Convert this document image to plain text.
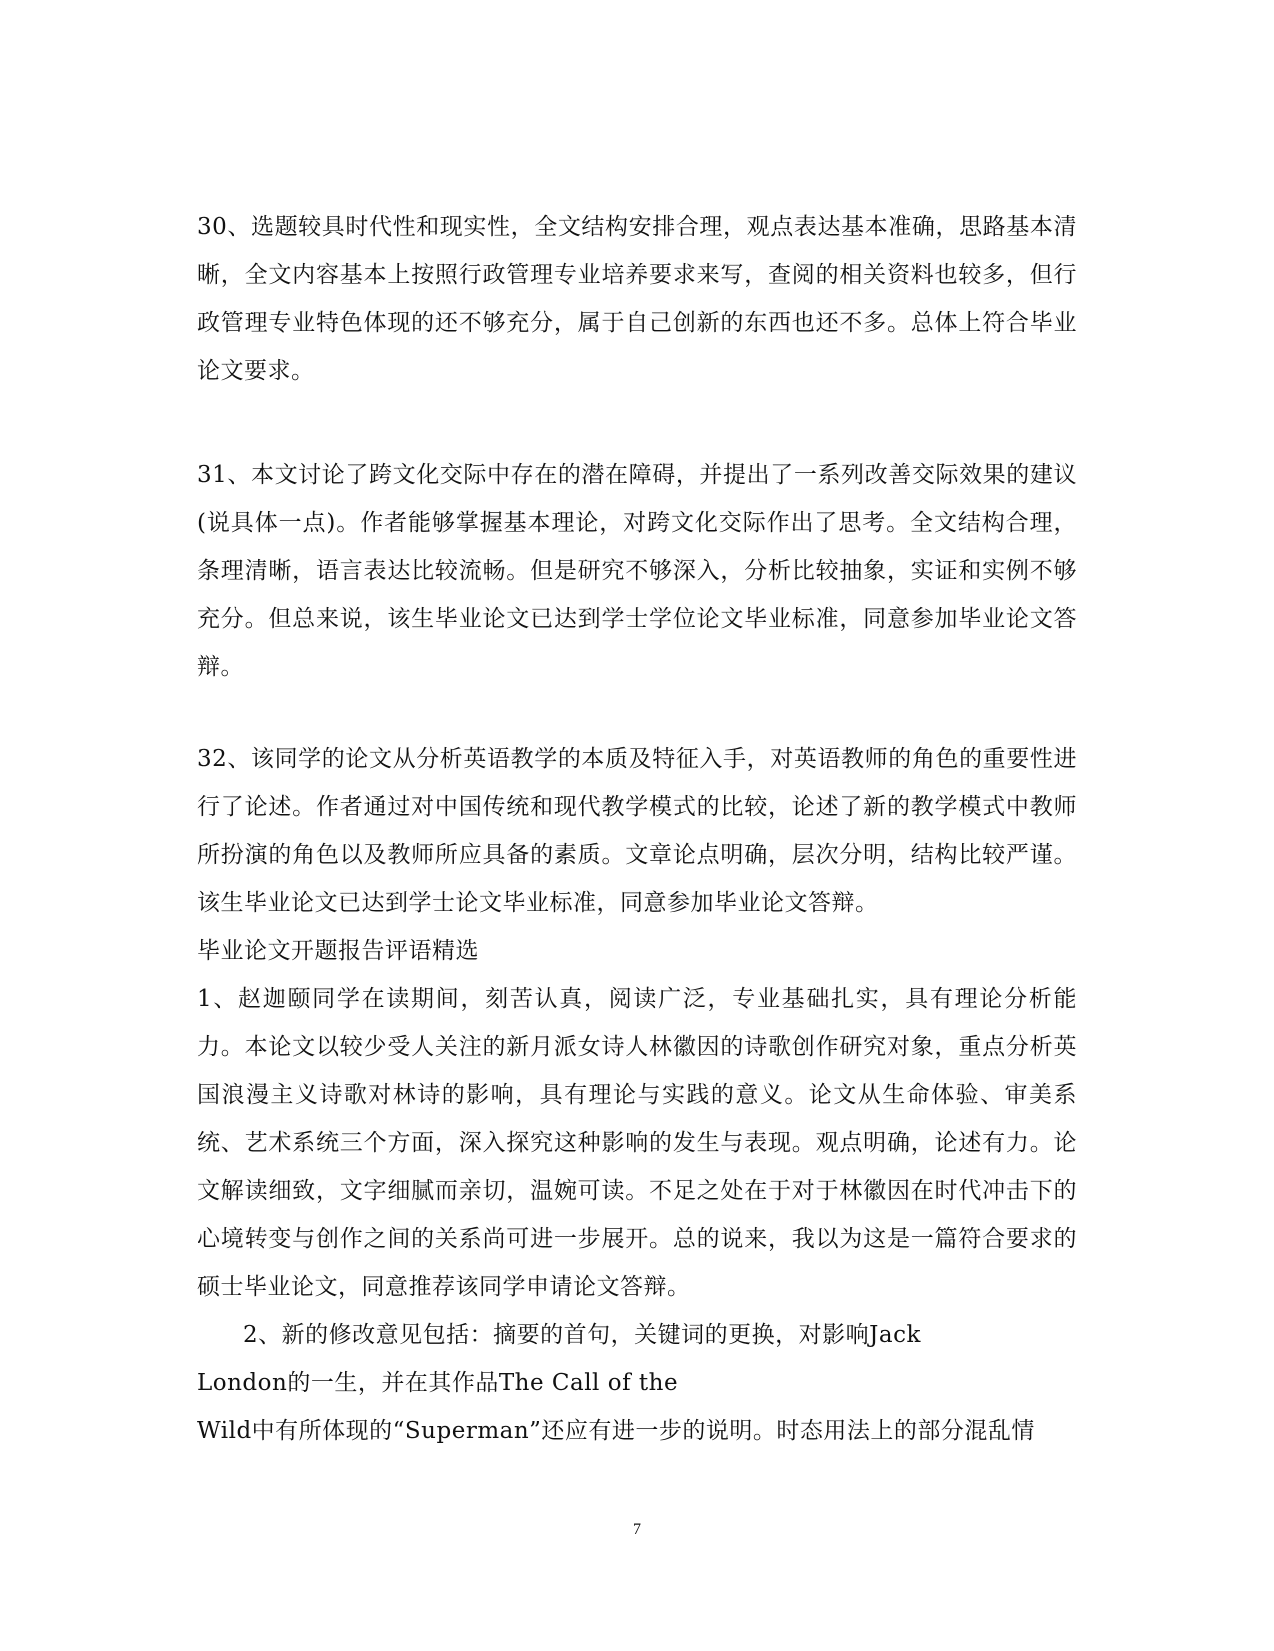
30、选题较具时代性和现实性，全文结构安排合理，观点表达基本准确，思路基本清晰，全文内容基本上按照行政管理专业培养要求来写，查阅的相关资料也较多，但行政管理专业特色体现的还不够充分，属于自己创新的东西也还不多。总体上符合毕业论文要求。

31、本文讨论了跨文化交际中存在的潜在障碍，并提出了一系列改善交际效果的建议(说具体一点)。作者能够掌握基本理论，对跨文化交际作出了思考。全文结构合理，条理清晰，语言表达比较流畅。但是研究不够深入，分析比较抽象，实证和实例不够充分。但总来说，该生毕业论文已达到学士学位论文毕业标准，同意参加毕业论文答辩。

32、该同学的论文从分析英语教学的本质及特征入手，对英语教师的角色的重要性进行了论述。作者通过对中国传统和现代教学模式的比较，论述了新的教学模式中教师所扮演的角色以及教师所应具备的素质。文章论点明确，层次分明，结构比较严谨。该生毕业论文已达到学士论文毕业标准，同意参加毕业论文答辩。

毕业论文开题报告评语精选

1、赵迦颐同学在读期间，刻苦认真，阅读广泛，专业基础扎实，具有理论分析能力。本论文以较少受人关注的新月派女诗人林徽因的诗歌创作研究对象，重点分析英国浪漫主义诗歌对林诗的影响，具有理论与实践的意义。论文从生命体验、审美系统、艺术系统三个方面，深入探究这种影响的发生与表现。观点明确，论述有力。论文解读细致，文字细腻而亲切，温婉可读。不足之处在于对于林徽因在时代冲击下的心境转变与创作之间的关系尚可进一步展开。总的说来，我以为这是一篇符合要求的硕士毕业论文，同意推荐该同学申请论文答辩。

2、新的修改意见包括：摘要的首句，关键词的更换，对影响Jack
London的一生，并在其作品The Call of the
Wild中有所体现的“Superman”还应有进一步的说明。时态用法上的部分混乱情
7
